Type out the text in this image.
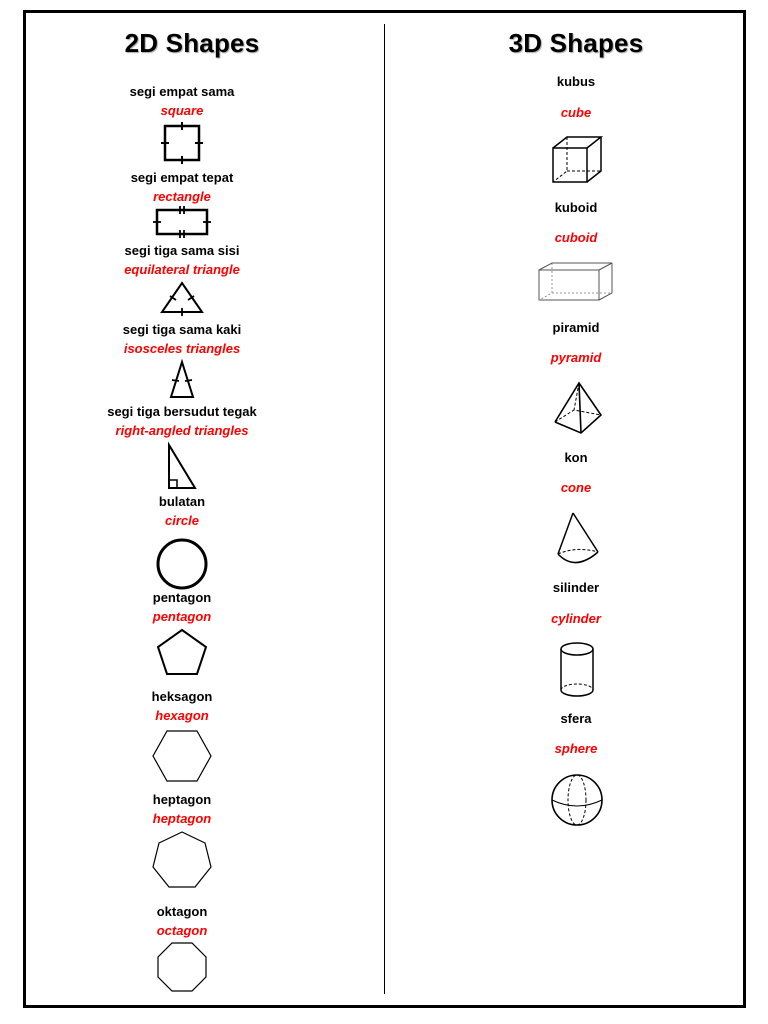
2D Shapes	3D Shapes
segi empat sama
square
segi empat tepat
rectangle
segi tiga sama sisi
equilateral triangle
segi tiga sama kaki
isosceles triangles
segi tiga bersudut tegak
right-angled triangles
bulatan
circle
pentagon
pentagon
heksagon
hexagon
heptagon
heptagon
oktagon
octagon
kubus
cube
kuboid
cuboid
piramid
pyramid
kon
cone
silinder
cylinder
sfera
sphere
